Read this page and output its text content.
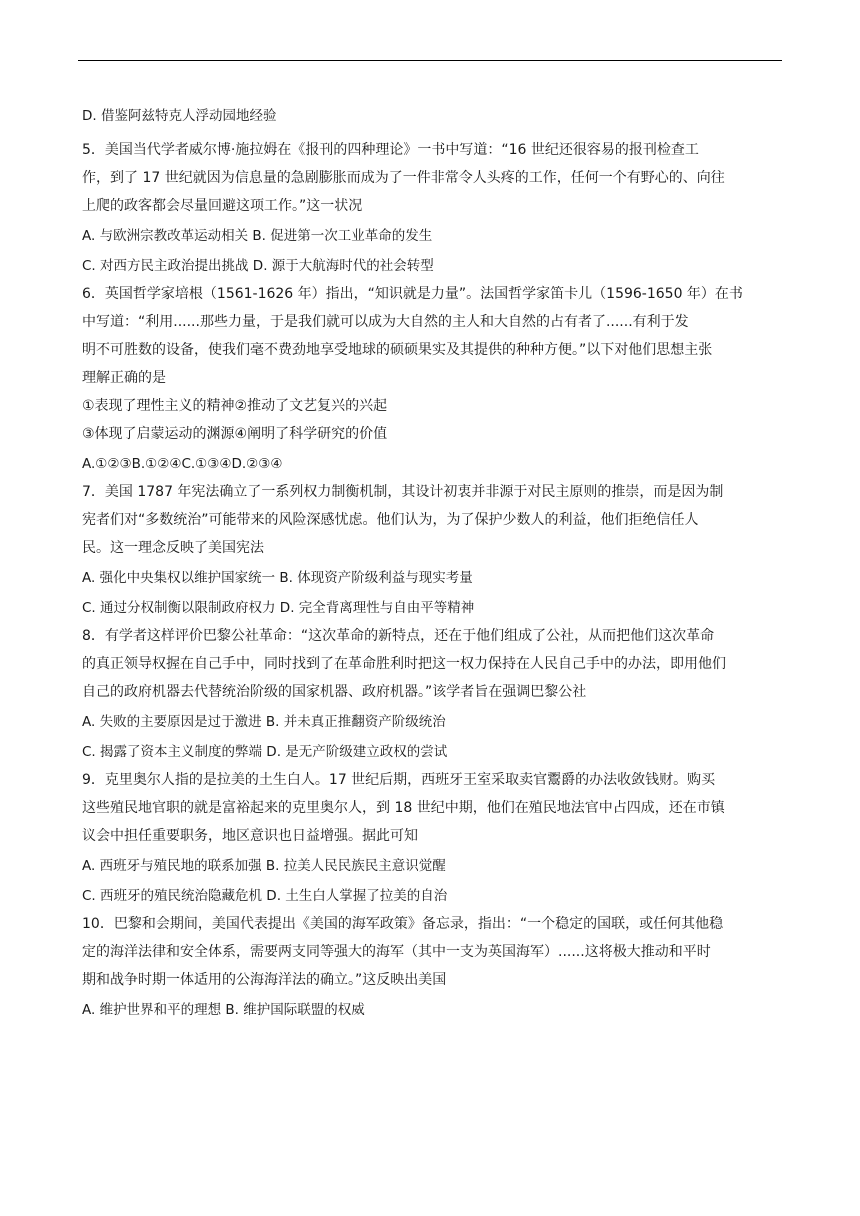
D. 借鉴阿兹特克人浮动园地经验
5．美国当代学者威尔博·施拉姆在《报刊的四种理论》一书中写道：“16 世纪还很容易的报刊检查工
作，到了 17 世纪就因为信息量的急剧膨胀而成为了一件非常令人头疼的工作，任何一个有野心的、向往
上爬的政客都会尽量回避这项工作。”这一状况
A. 与欧洲宗教改革运动相关 B. 促进第一次工业革命的发生
C. 对西方民主政治提出挑战 D. 源于大航海时代的社会转型
6．英国哲学家培根（1561-1626 年）指出，“知识就是力量”。法国哲学家笛卡儿（1596-1650 年）在书
中写道：“利用......那些力量，于是我们就可以成为大自然的主人和大自然的占有者了......有利于发
明不可胜数的设备，使我们毫不费劲地享受地球的硕硕果实及其提供的种种方便。”以下对他们思想主张
理解正确的是
①表现了理性主义的精神②推动了文艺复兴的兴起
③体现了启蒙运动的渊源④阐明了科学研究的价值
A.①②③B.①②④C.①③④D.②③④
7．美国 1787 年宪法确立了一系列权力制衡机制，其设计初衷并非源于对民主原则的推崇，而是因为制
宪者们对“多数统治”可能带来的风险深感忧虑。他们认为，为了保护少数人的利益，他们拒绝信任人
民。这一理念反映了美国宪法
A. 强化中央集权以维护国家统一 B. 体现资产阶级利益与现实考量
C. 通过分权制衡以限制政府权力 D. 完全背离理性与自由平等精神
8．有学者这样评价巴黎公社革命：“这次革命的新特点，还在于他们组成了公社，从而把他们这次革命
的真正领导权握在自己手中，同时找到了在革命胜利时把这一权力保持在人民自己手中的办法，即用他们
自己的政府机器去代替统治阶级的国家机器、政府机器。”该学者旨在强调巴黎公社
A. 失败的主要原因是过于激进 B. 并未真正推翻资产阶级统治
C. 揭露了资本主义制度的弊端 D. 是无产阶级建立政权的尝试
9．克里奥尔人指的是拉美的土生白人。17 世纪后期，西班牙王室采取卖官鬻爵的办法收敛钱财。购买
这些殖民地官职的就是富裕起来的克里奥尔人，到 18 世纪中期，他们在殖民地法官中占四成，还在市镇
议会中担任重要职务，地区意识也日益增强。据此可知
A. 西班牙与殖民地的联系加强 B. 拉美人民民族民主意识觉醒
C. 西班牙的殖民统治隐藏危机 D. 土生白人掌握了拉美的自治
10．巴黎和会期间，美国代表提出《美国的海军政策》备忘录，指出：“一个稳定的国联，或任何其他稳
定的海洋法律和安全体系，需要两支同等强大的海军（其中一支为英国海军）......这将极大推动和平时
期和战争时期一体适用的公海海洋法的确立。”这反映出美国
A. 维护世界和平的理想 B. 维护国际联盟的权威
